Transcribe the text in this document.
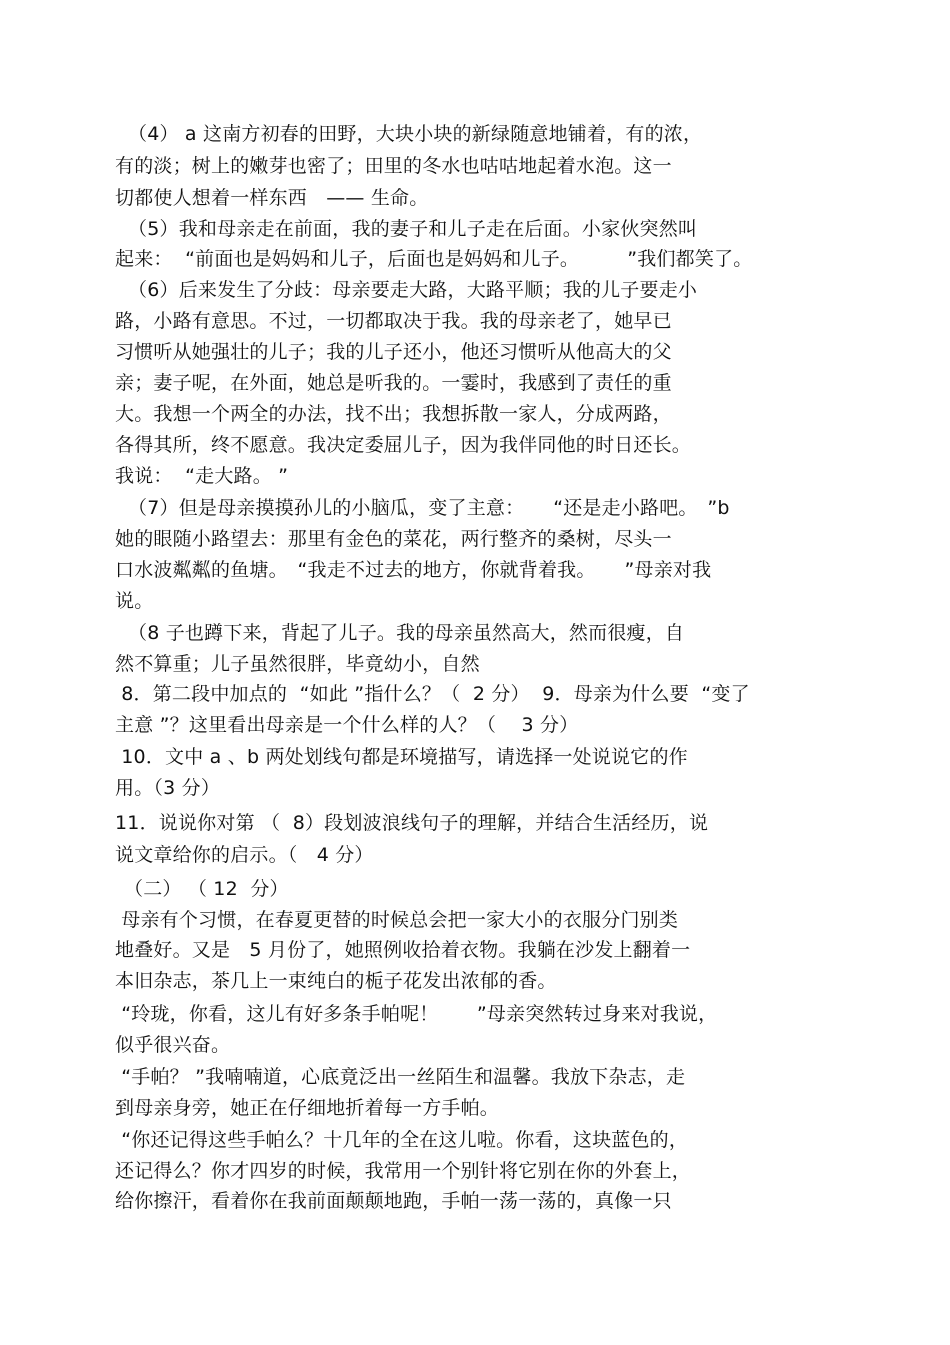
（4） a 这南方初春的田野，大块小块的新绿随意地铺着，有的浓，
有的淡；树上的嫩芽也密了；田里的冬水也咕咕地起着水泡。这一
切都使人想着一样东西　—— 生命。
（5）我和母亲走在前面，我的妻子和儿子走在后面。小家伙突然叫
起来：  “前面也是妈妈和儿子，后面也是妈妈和儿子。　　　”我们都笑了。
（6）后来发生了分歧：母亲要走大路，大路平顺；我的儿子要走小
路，小路有意思。不过，一切都取决于我。我的母亲老了，她早已
习惯听从她强壮的儿子；我的儿子还小，他还习惯听从他高大的父
亲；妻子呢，在外面，她总是听我的。一霎时，我感到了责任的重
大。我想一个两全的办法，找不出；我想拆散一家人，分成两路，
各得其所，终不愿意。我决定委屈儿子，因为我伴同他的时日还长。
我说：  “走大路。 ”
（7）但是母亲摸摸孙儿的小脑瓜，变了主意：　　“还是走小路吧。　”b
她的眼随小路望去：那里有金色的菜花，两行整齐的桑树，尽头一
口水波粼粼的鱼塘。　“我走不过去的地方，你就背着我。　　”母亲对我
说。
（8 子也蹲下来，背起了儿子。我的母亲虽然高大，然而很瘦，自
然不算重；儿子虽然很胖，毕竟幼小，自然
8．第二段中加点的  “如此 ”指什么？（  2 分）  9．母亲为什么要  “变了
主意 ”？这里看出母亲是一个什么样的人？（　 3 分）
10．文中 a 、b 两处划线句都是环境描写，请选择一处说说它的作
用。（3 分）
11．说说你对第 （  8）段划波浪线句子的理解，并结合生活经历，说
说文章给你的启示。（　4 分）
（二） （ 12  分）
母亲有个习惯，在春夏更替的时候总会把一家大小的衣服分门别类
地叠好。又是　5 月份了，她照例收拾着衣物。我躺在沙发上翻着一
本旧杂志，茶几上一束纯白的栀子花发出浓郁的香。
“玲珑，你看，这儿有好多条手帕呢！　　”母亲突然转过身来对我说，
似乎很兴奋。
“手帕？ ”我喃喃道，心底竟泛出一丝陌生和温馨。我放下杂志，走
到母亲身旁，她正在仔细地折着每一方手帕。
“你还记得这些手帕么？十几年的全在这儿啦。你看，这块蓝色的，
还记得么？你才四岁的时候，我常用一个别针将它别在你的外套上，
给你擦汗，看着你在我前面颠颠地跑，手帕一荡一荡的，真像一只
